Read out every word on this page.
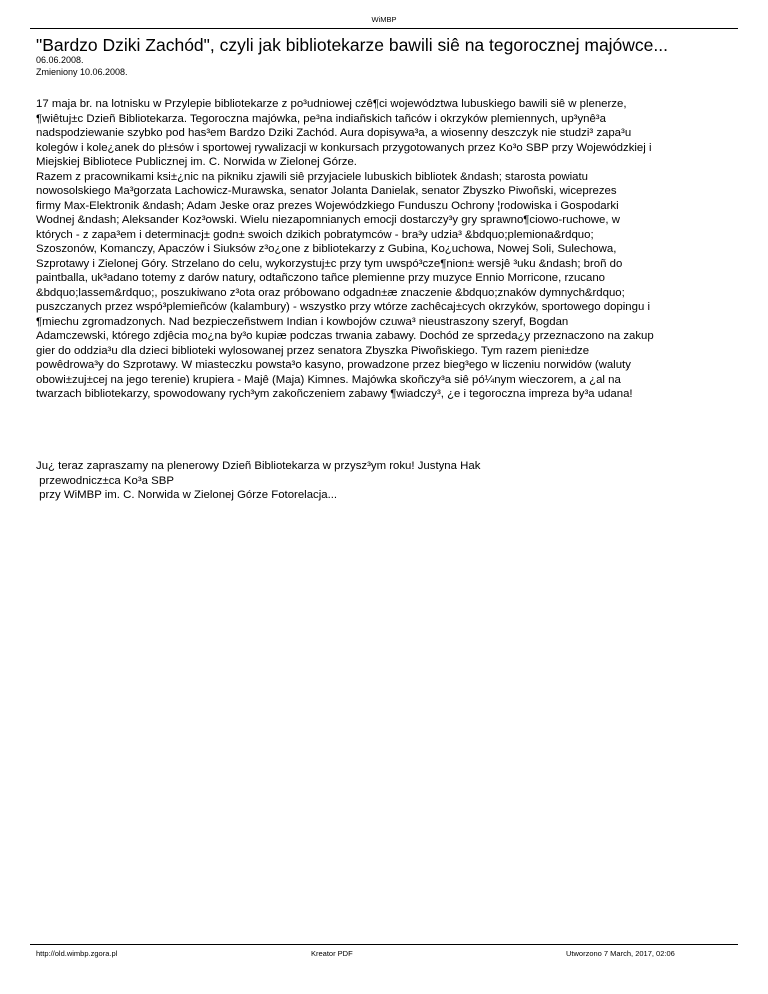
WiMBP
"Bardzo Dziki Zachód", czyli jak bibliotekarze bawili siê na tegorocznej majówce...
06.06.2008.
Zmieniony 10.06.2008.
17 maja br. na lotnisku w Przylepie bibliotekarze z po³udniowej czê¶ci województwa lubuskiego bawili siê w plenerze,
¶wiêtuj±c Dzieñ Bibliotekarza. Tegoroczna majówka, pe³na indiañskich tañców i okrzyków plemiennych, up³ynê³a
nadspodziewanie szybko pod has³em Bardzo Dziki Zachód. Aura dopisywa³a, a wiosenny deszczyk nie studzi³ zapa³u
kolegów i kole¿anek do pl±sów i sportowej rywalizacji w konkursach przygotowanych przez Ko³o SBP przy Wojewódzkiej i
Miejskiej Bibliotece Publicznej im. C. Norwida w Zielonej Górze.
Razem z pracownikami ksi±¿nic na pikniku zjawili siê przyjaciele lubuskich bibliotek &ndash; starosta powiatu
nowosolskiego Ma³gorzata Lachowicz-Murawska, senator Jolanta Danielak, senator Zbyszko Piwoñski, wiceprezes
firmy Max-Elektronik &ndash; Adam Jeske oraz prezes Wojewódzkiego Funduszu Ochrony ¦rodowiska i Gospodarki
Wodnej &ndash; Aleksander Koz³owski. Wielu niezapomnianych emocji dostarczy³y gry sprawno¶ciowo-ruchowe, w
których - z zapa³em i determinacj± godn± swoich dzikich pobratymców - bra³y udzia³ &bdquo;plemiona&rdquo;
Szoszonów, Komanczy, Apaczów i Siuksów z³o¿one z bibliotekarzy z Gubina, Ko¿uchowa, Nowej Soli, Sulechowa,
Szprotawy i Zielonej Góry. Strzelano do celu, wykorzystuj±c przy tym uwspó³cze¶nion± wersjê ³uku &ndash; broñ do
paintballa, uk³adano totemy z darów natury, odtañczono tañce plemienne przy muzyce Ennio Morricone, rzucano
&bdquo;lassem&rdquo;, poszukiwano z³ota oraz próbowano odgadn±æ znaczenie &bdquo;znaków dymnych&rdquo;
puszczanych przez wspó³plemieñców (kalambury) - wszystko przy wtórze zachêcaj±cych okrzyków, sportowego dopingu i
¶miechu zgromadzonych. Nad bezpieczeñstwem Indian i kowbojów czuwa³ nieustraszony szeryf, Bogdan
Adamczewski, którego zdjêcia mo¿na by³o kupiæ podczas trwania zabawy. Dochód ze sprzeda¿y przeznaczono na zakup
gier do oddzia³u dla dzieci biblioteki wylosowanej przez senatora Zbyszka Piwoñskiego. Tym razem pieni±dze
powêdrowa³y do Szprotawy. W miasteczku powsta³o kasyno, prowadzone przez bieg³ego w liczeniu norwidów (waluty
obowi±zuj±cej na jego terenie) krupiera - Majê (Maja) Kimnes. Majówka skoñczy³a siê pó¼nym wieczorem, a ¿al na
twarzach bibliotekarzy, spowodowany rych³ym zakoñczeniem zabawy ¶wiadczy³, ¿e i tegoroczna impreza by³a udana!
Ju¿ teraz zapraszamy na plenerowy Dzieñ Bibliotekarza w przysz³ym roku! Justyna Hak
przewodnicz±ca Ko³a SBP
przy WiMBP im. C. Norwida w Zielonej Górze Fotorelacja...
http://old.wimbp.zgora.pl	Kreator PDF	Utworzono 7 March, 2017, 02:06
